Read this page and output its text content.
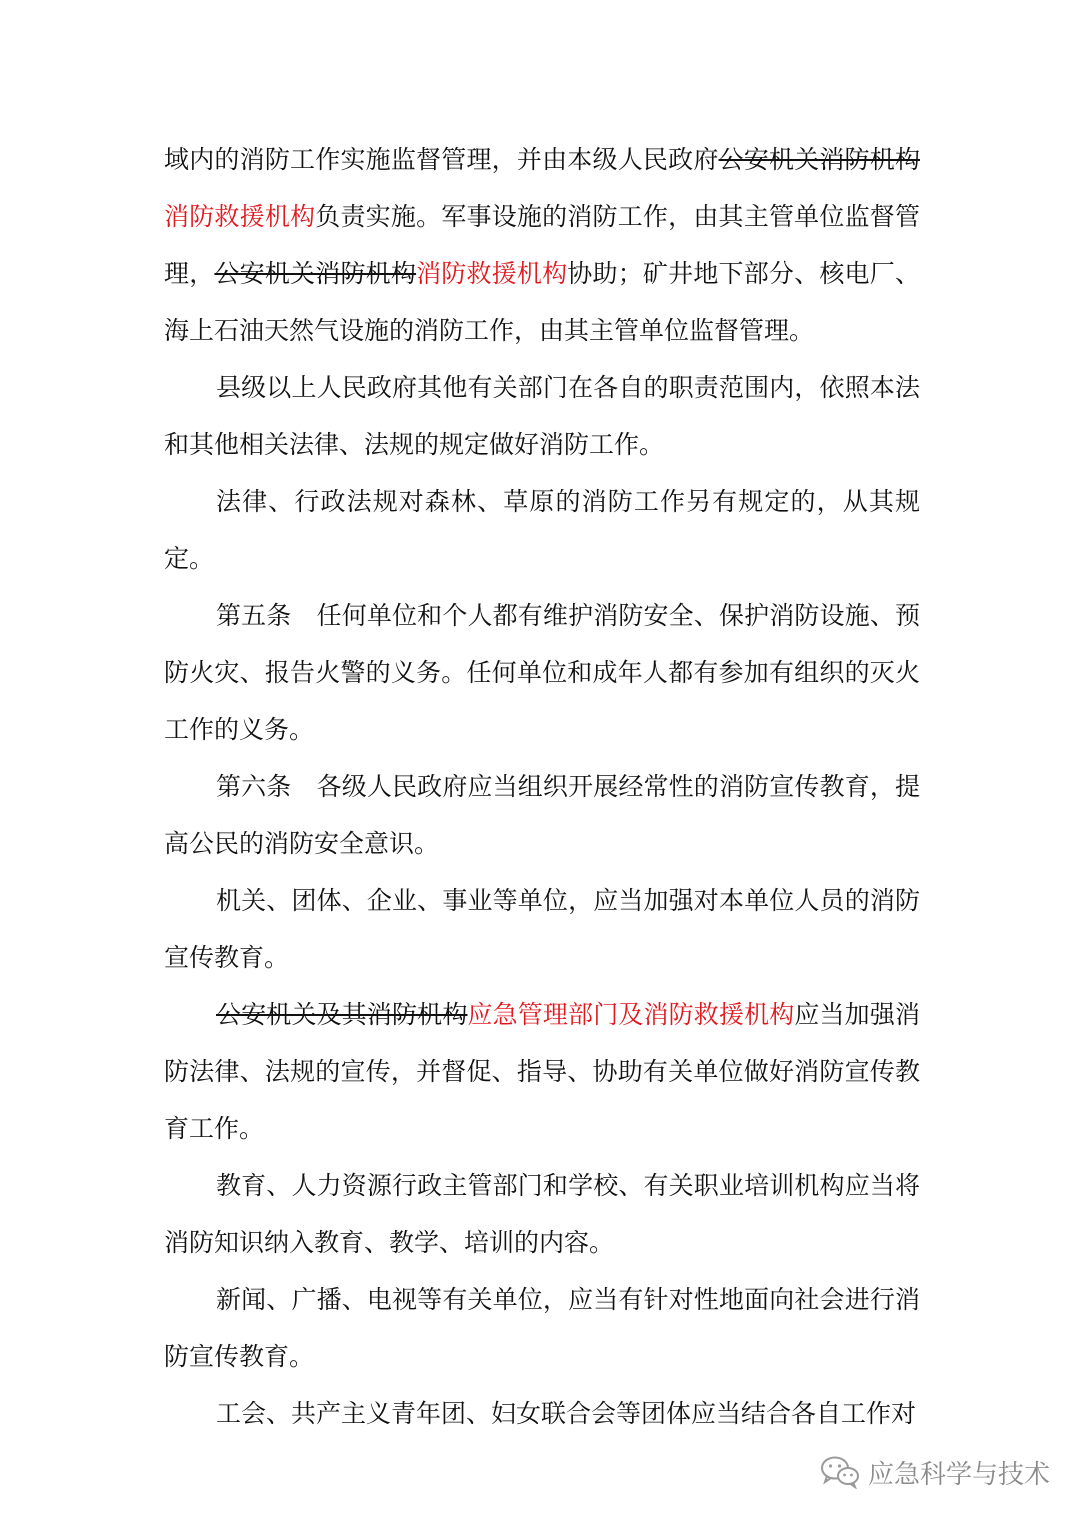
域内的消防工作实施监督管理，并由本级人民政府公安机关消防机构消防救援机构负责实施。军事设施的消防工作，由其主管单位监督管理，公安机关消防机构消防救援机构协助；矿井地下部分、核电厂、海上石油天然气设施的消防工作，由其主管单位监督管理。

县级以上人民政府其他有关部门在各自的职责范围内，依照本法和其他相关法律、法规的规定做好消防工作。

法律、行政法规对森林、草原的消防工作另有规定的，从其规定。

第五条　任何单位和个人都有维护消防安全、保护消防设施、预防火灾、报告火警的义务。任何单位和成年人都有参加有组织的灭火工作的义务。

第六条　各级人民政府应当组织开展经常性的消防宣传教育，提高公民的消防安全意识。

机关、团体、企业、事业等单位，应当加强对本单位人员的消防宣传教育。

公安机关及其消防机构应急管理部门及消防救援机构应当加强消防法律、法规的宣传，并督促、指导、协助有关单位做好消防宣传教育工作。

教育、人力资源行政主管部门和学校、有关职业培训机构应当将消防知识纳入教育、教学、培训的内容。

新闻、广播、电视等有关单位，应当有针对性地面向社会进行消防宣传教育。

工会、共产主义青年团、妇女联合会等团体应当结合各自工作对

应急科学与技术
